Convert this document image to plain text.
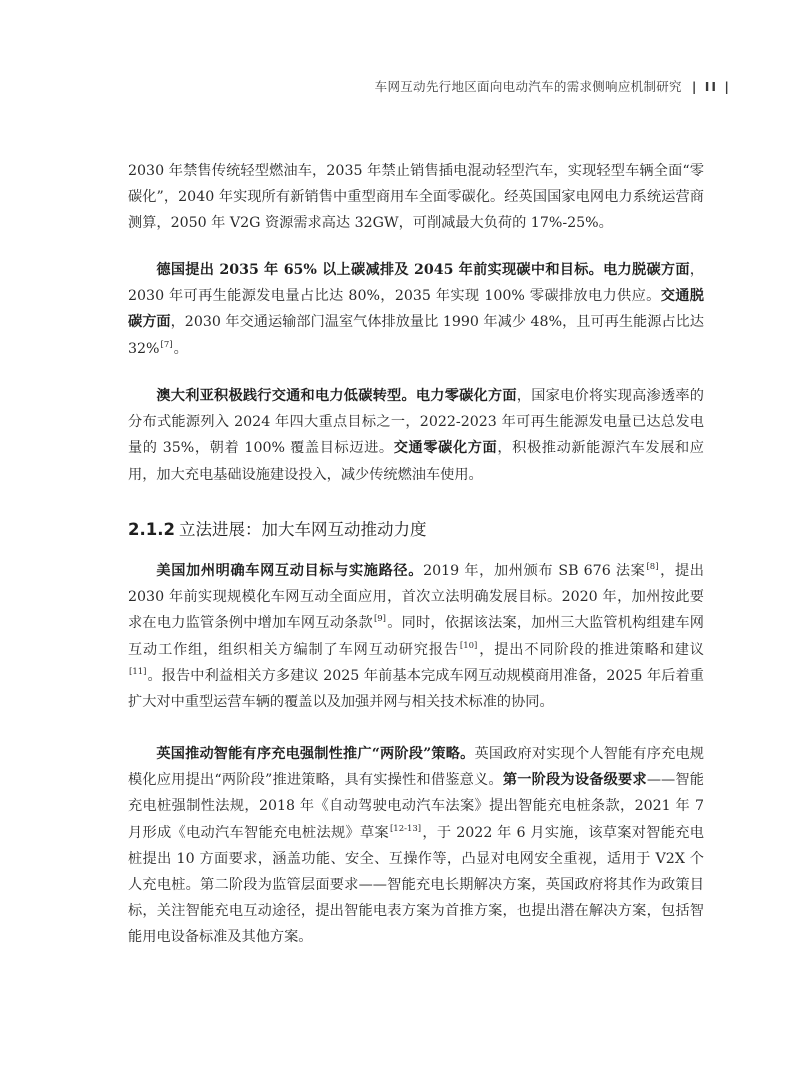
车网互动先行地区面向电动汽车的需求侧响应机制研究 | II |

2030 年禁售传统轻型燃油车，2035 年禁止销售插电混动轻型汽车，实现轻型车辆全面“零碳化”，2040 年实现所有新销售中重型商用车全面零碳化。经英国国家电网电力系统运营商测算，2050 年 V2G 资源需求高达 32GW，可削减最大负荷的 17%-25%。

德国提出 2035 年 65% 以上碳减排及 2045 年前实现碳中和目标。电力脱碳方面，2030 年可再生能源发电量占比达 80%，2035 年实现 100% 零碳排放电力供应。交通脱碳方面，2030 年交通运输部门温室气体排放量比 1990 年减少 48%，且可再生能源占比达 32%[7]。

澳大利亚积极践行交通和电力低碳转型。电力零碳化方面，国家电价将实现高渗透率的分布式能源列入 2024 年四大重点目标之一，2022-2023 年可再生能源发电量已达总发电量的 35%，朝着 100% 覆盖目标迈进。交通零碳化方面，积极推动新能源汽车发展和应用，加大充电基础设施建设投入，减少传统燃油车使用。

2.1.2 立法进展：加大车网互动推动力度

美国加州明确车网互动目标与实施路径。2019 年，加州颁布 SB 676 法案[8]，提出 2030 年前实现规模化车网互动全面应用，首次立法明确发展目标。2020 年，加州按此要求在电力监管条例中增加车网互动条款[9]。同时，依据该法案，加州三大监管机构组建车网互动工作组，组织相关方编制了车网互动研究报告[10]，提出不同阶段的推进策略和建议[11]。报告中利益相关方多建议 2025 年前基本完成车网互动规模商用准备，2025 年后着重扩大对中重型运营车辆的覆盖以及加强并网与相关技术标准的协同。

英国推动智能有序充电强制性推广“两阶段”策略。英国政府对实现个人智能有序充电规模化应用提出“两阶段”推进策略，具有实操性和借鉴意义。第一阶段为设备级要求——智能充电桩强制性法规，2018 年《自动驾驶电动汽车法案》提出智能充电桩条款，2021 年 7 月形成《电动汽车智能充电桩法规》草案[12-13]，于 2022 年 6 月实施，该草案对智能充电桩提出 10 方面要求，涵盖功能、安全、互操作等，凸显对电网安全重视，适用于 V2X 个人充电桩。第二阶段为监管层面要求——智能充电长期解决方案，英国政府将其作为政策目标，关注智能充电互动途径，提出智能电表方案为首推方案，也提出潜在解决方案，包括智能用电设备标准及其他方案。
